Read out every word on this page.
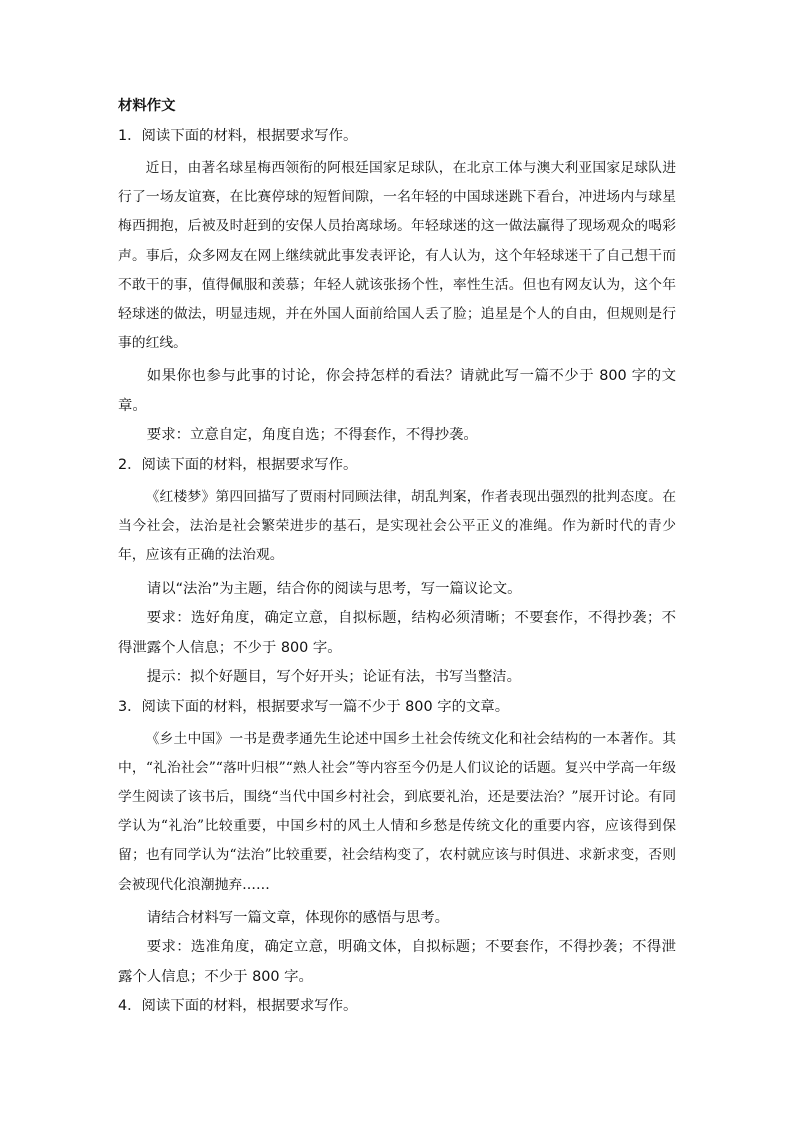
材料作文
1．阅读下面的材料，根据要求写作。

近日，由著名球星梅西领衔的阿根廷国家足球队，在北京工体与澳大利亚国家足球队进行了一场友谊赛，在比赛停球的短暂间隙，一名年轻的中国球迷跳下看台，冲进场内与球星梅西拥抱，后被及时赶到的安保人员抬离球场。年轻球迷的这一做法赢得了现场观众的喝彩声。事后，众多网友在网上继续就此事发表评论，有人认为，这个年轻球迷干了自己想干而不敢干的事，值得佩服和羡慕；年轻人就该张扬个性，率性生活。但也有网友认为，这个年轻球迷的做法，明显违规，并在外国人面前给国人丢了脸；追星是个人的自由，但规则是行事的红线。

如果你也参与此事的讨论，你会持怎样的看法？请就此写一篇不少于 800 字的文章。

要求：立意自定，角度自选；不得套作，不得抄袭。

2．阅读下面的材料，根据要求写作。

《红楼梦》第四回描写了贾雨村同顾法律，胡乱判案，作者表现出强烈的批判态度。在当今社会，法治是社会繁荣进步的基石，是实现社会公平正义的准绳。作为新时代的青少年，应该有正确的法治观。

请以“法治”为主题，结合你的阅读与思考，写一篇议论文。

要求：选好角度，确定立意，自拟标题，结构必须清晰；不要套作，不得抄袭；不得泄露个人信息；不少于 800 字。

提示：拟个好题目，写个好开头；论证有法，书写当整洁。

3．阅读下面的材料，根据要求写一篇不少于 800 字的文章。

《乡土中国》一书是费孝通先生论述中国乡土社会传统文化和社会结构的一本著作。其中，“礼治社会”“落叶归根”“熟人社会”等内容至今仍是人们议论的话题。复兴中学高一年级学生阅读了该书后，围绕“当代中国乡村社会，到底要礼治，还是要法治？”展开讨论。有同学认为“礼治”比较重要，中国乡村的风土人情和乡愁是传统文化的重要内容，应该得到保留；也有同学认为“法治”比较重要，社会结构变了，农村就应该与时俱进、求新求变，否则会被现代化浪潮抛弃……

请结合材料写一篇文章，体现你的感悟与思考。

要求：选准角度，确定立意，明确文体，自拟标题；不要套作，不得抄袭；不得泄露个人信息；不少于 800 字。

4．阅读下面的材料，根据要求写作。
